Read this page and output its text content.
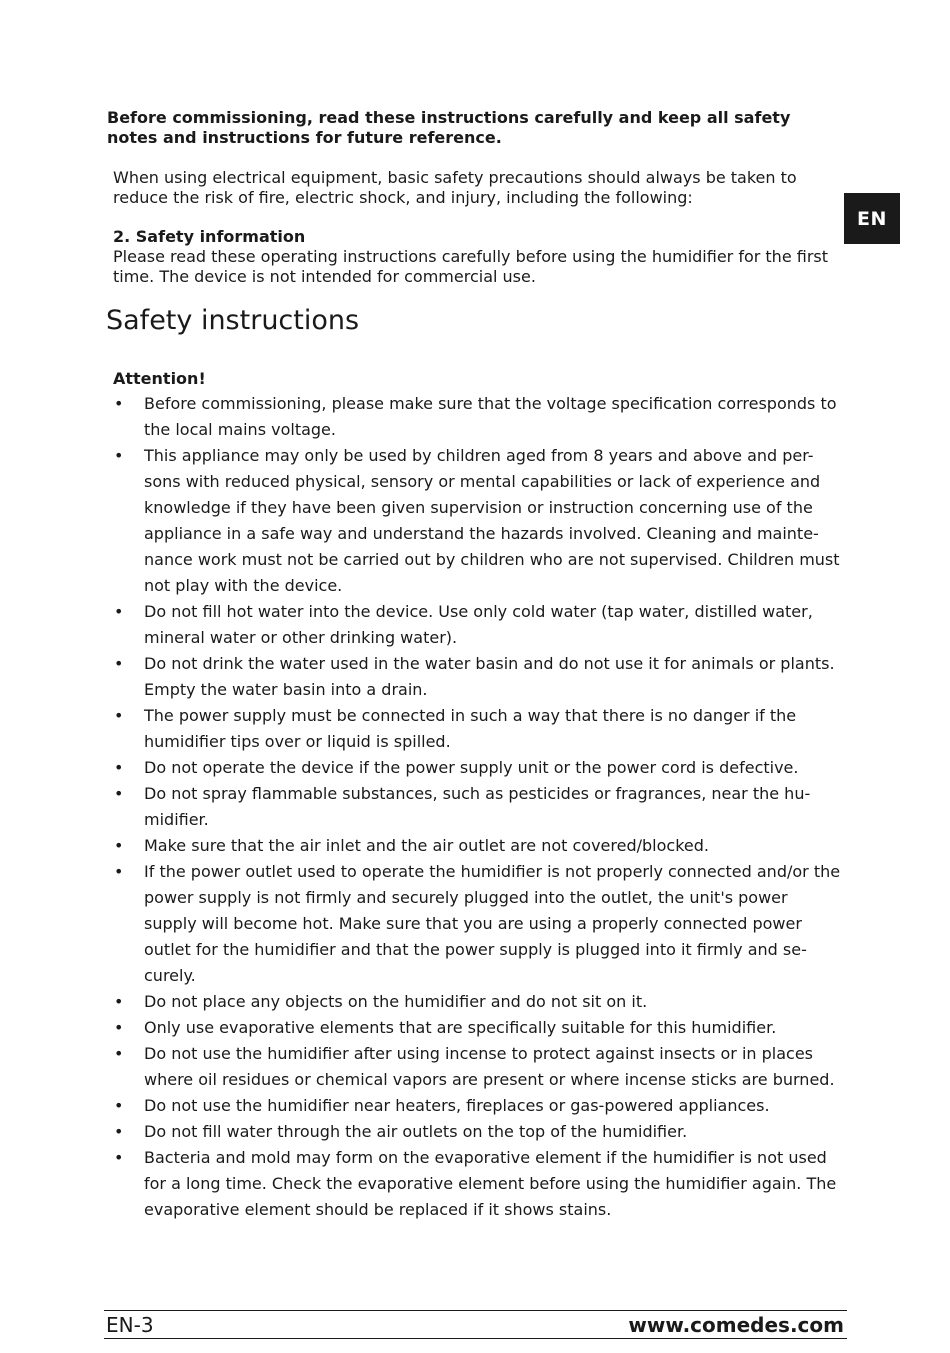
Before commissioning, read these instructions carefully and keep all safety notes and instructions for future reference.

When using electrical equipment, basic safety precautions should always be taken to reduce the risk of fire, electric shock, and injury, including the following:

2. Safety information
Please read these operating instructions carefully before using the humidifier for the first time. The device is not intended for commercial use.
EN
Safety instructions

Attention!

• Before commissioning, please make sure that the voltage specification corresponds to the local mains voltage.
• This appliance may only be used by children aged from 8 years and above and per-sons with reduced physical, sensory or mental capabilities or lack of experience and knowledge if they have been given supervision or instruction concerning use of the appliance in a safe way and understand the hazards involved. Cleaning and mainte-nance work must not be carried out by children who are not supervised. Children must not play with the device.
• Do not fill hot water into the device. Use only cold water (tap water, distilled water, mineral water or other drinking water).
• Do not drink the water used in the water basin and do not use it for animals or plants. Empty the water basin into a drain.
• The power supply must be connected in such a way that there is no danger if the humidifier tips over or liquid is spilled.
• Do not operate the device if the power supply unit or the power cord is defective.
• Do not spray flammable substances, such as pesticides or fragrances, near the hu-midifier.
• Make sure that the air inlet and the air outlet are not covered/blocked.
• If the power outlet used to operate the humidifier is not properly connected and/or the power supply is not firmly and securely plugged into the outlet, the unit's power supply will become hot. Make sure that you are using a properly connected power outlet for the humidifier and that the power supply is plugged into it firmly and se-curely.
• Do not place any objects on the humidifier and do not sit on it.
• Only use evaporative elements that are specifically suitable for this humidifier.
• Do not use the humidifier after using incense to protect against insects or in places where oil residues or chemical vapors are present or where incense sticks are burned.
• Do not use the humidifier near heaters, fireplaces or gas-powered appliances.
• Do not fill water through the air outlets on the top of the humidifier.
• Bacteria and mold may form on the evaporative element if the humidifier is not used for a long time. Check the evaporative element before using the humidifier again. The evaporative element should be replaced if it shows stains.
EN-3	www.comedes.com
